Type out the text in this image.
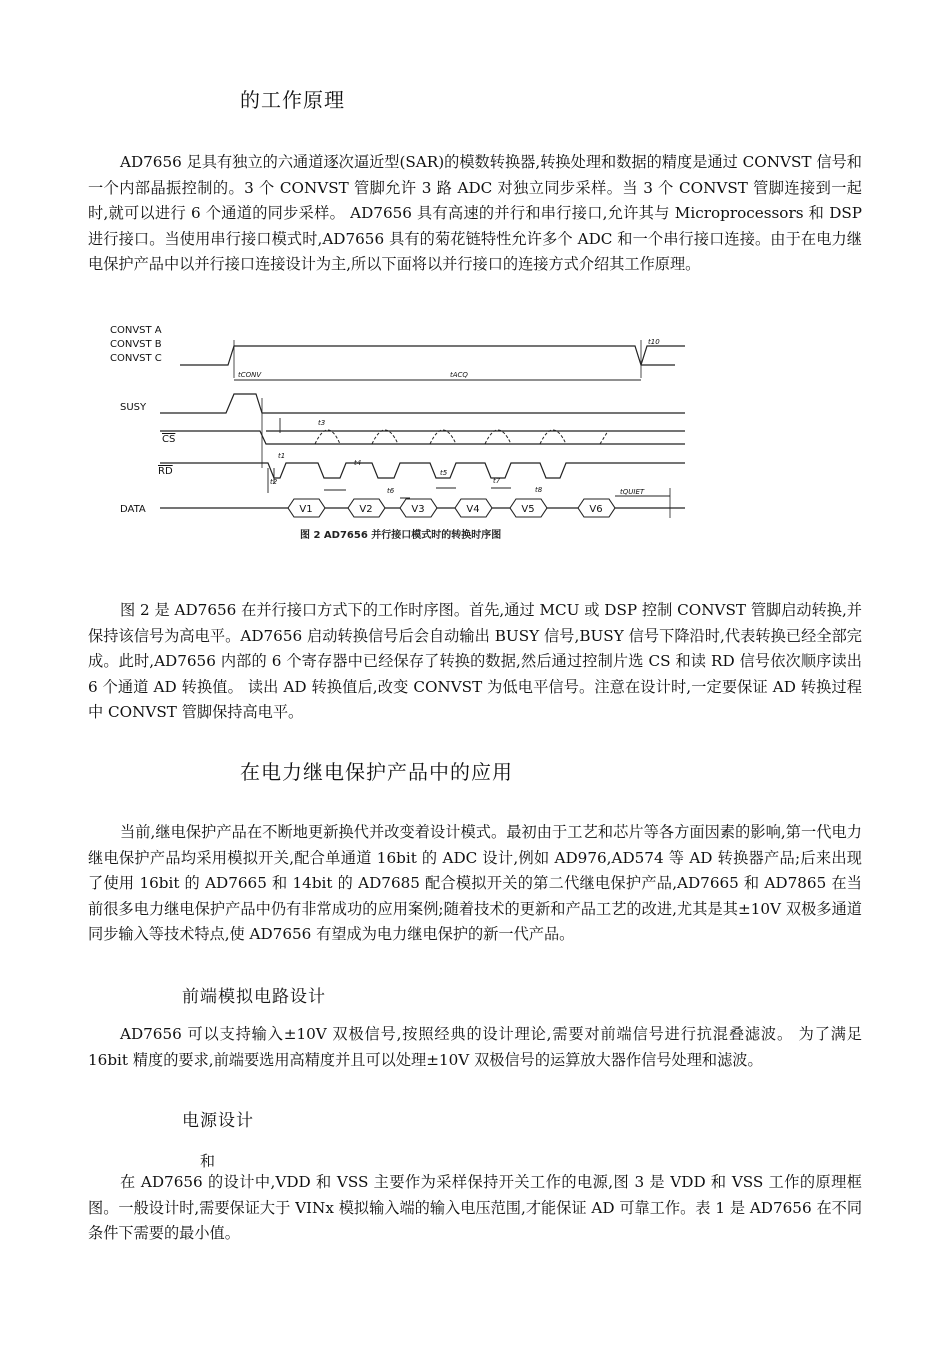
的工作原理

AD7656 足具有独立的六通道逐次逼近型(SAR)的模数转换器,转换处理和数据的精度是通过 CONVST 信号和一个内部晶振控制的。3 个 CONVST 管脚允许 3 路 ADC 对独立同步采样。当 3 个 CONVST 管脚连接到一起时,就可以进行 6 个通道的同步采样。 AD7656 具有高速的并行和串行接口,允许其与 Microprocessors 和 DSP 进行接口。当使用串行接口模式时,AD7656 具有的菊花链特性允许多个 ADC 和一个串行接口连接。由于在电力继电保护产品中以并行接口连接设计为主,所以下面将以并行接口的连接方式介绍其工作原理。

CONVST A
CONVST B
CONVST C
SUSY
CS
RD
DATA
t10
tCONV	tACQ
t1
t2
t3
t4
t5
t6
t7
t8	tQUIET
V1	V2	V3	V4	V5	V6
图 2 AD7656 并行接口模式时的转换时序图

图 2 是 AD7656 在并行接口方式下的工作时序图。首先,通过 MCU 或 DSP 控制 CONVST 管脚启动转换,并保持该信号为高电平。AD7656 启动转换信号后会自动输出 BUSY 信号,BUSY 信号下降沿时,代表转换已经全部完成。此时,AD7656 内部的 6 个寄存器中已经保存了转换的数据,然后通过控制片选 CS 和读 RD 信号依次顺序读出 6 个通道 AD 转换值。 读出 AD 转换值后,改变 CONVST 为低电平信号。注意在设计时,一定要保证 AD 转换过程中 CONVST 管脚保持高电平。

在电力继电保护产品中的应用

当前,继电保护产品在不断地更新换代并改变着设计模式。最初由于工艺和芯片等各方面因素的影响,第一代电力继电保护产品均采用模拟开关,配合单通道 16bit 的 ADC 设计,例如 AD976,AD574 等 AD 转换器产品;后来出现了使用 16bit 的 AD7665 和 14bit 的 AD7685 配合模拟开关的第二代继电保护产品,AD7665 和 AD7865 在当前很多电力继电保护产品中仍有非常成功的应用案例;随着技术的更新和产品工艺的改进,尤其是其±10V 双极多通道同步输入等技术特点,使 AD7656 有望成为电力继电保护的新一代产品。

前端模拟电路设计

AD7656 可以支持输入±10V 双极信号,按照经典的设计理论,需要对前端信号进行抗混叠滤波。 为了满足 16bit 精度的要求,前端要选用高精度并且可以处理±10V 双极信号的运算放大器作信号处理和滤波。

电源设计
和

在 AD7656 的设计中,VDD 和 VSS 主要作为采样保持开关工作的电源,图 3 是 VDD 和 VSS 工作的原理框图。一般设计时,需要保证大于 VINx 模拟输入端的输入电压范围,才能保证 AD 可靠工作。表 1 是 AD7656 在不同条件下需要的最小值。
